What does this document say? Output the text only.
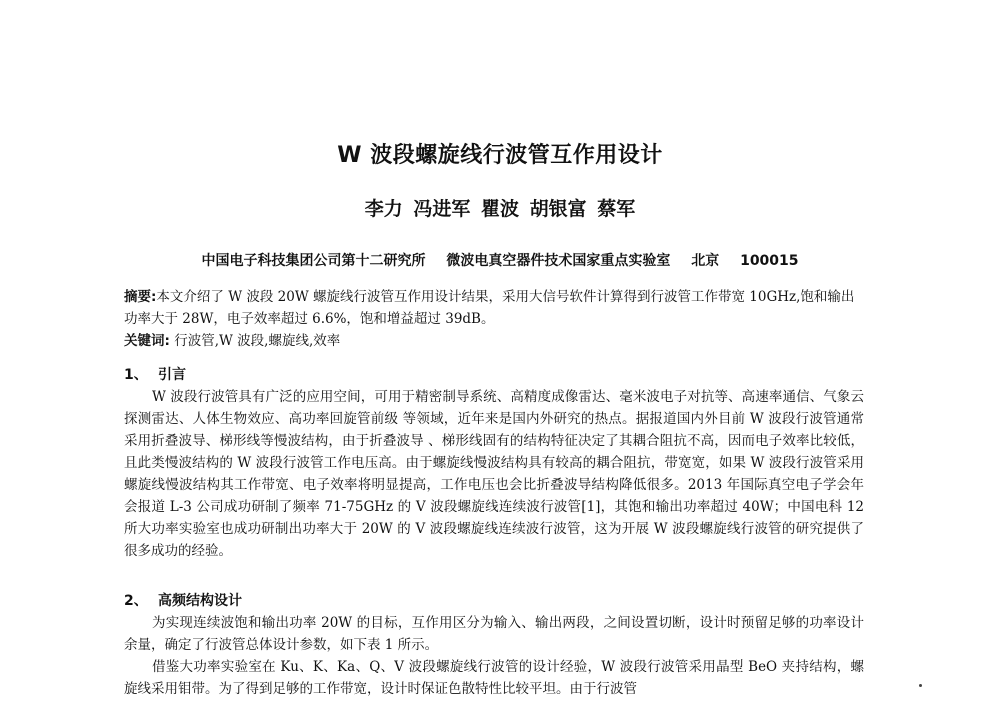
W 波段螺旋线行波管互作用设计
李力 冯进军 瞿波 胡银富 蔡军
中国电子科技集团公司第十二研究所 微波电真空器件技术国家重点实验室 北京 100015
摘要:本文介绍了 W 波段 20W 螺旋线行波管互作用设计结果，采用大信号软件计算得到行波管工作带宽 10GHz,饱和输出功率大于 28W，电子效率超过 6.6%，饱和增益超过 39dB。
关键词: 行波管,W 波段,螺旋线,效率
1、 引言

W 波段行波管具有广泛的应用空间，可用于精密制导系统、高精度成像雷达、毫米波电子对抗等、高速率通信、气象云探测雷达、人体生物效应、高功率回旋管前级 等领域，近年来是国内外研究的热点。据报道国内外目前 W 波段行波管通常采用折叠波导、梯形线等慢波结构，由于折叠波导 、梯形线固有的结构特征决定了其耦合阻抗不高，因而电子效率比较低，且此类慢波结构的 W 波段行波管工作电压高。由于螺旋线慢波结构具有较高的耦合阻抗，带宽宽，如果 W 波段行波管采用螺旋线慢波结构其工作带宽、电子效率将明显提高，工作电压也会比折叠波导结构降低很多。2013 年国际真空电子学会年会报道 L-3 公司成功研制了频率 71-75GHz 的 V 波段螺旋线连续波行波管[1]，其饱和输出功率超过 40W；中国电科 12 所大功率实验室也成功研制出功率大于 20W 的 V 波段螺旋线连续波行波管，这为开展 W 波段螺旋线行波管的研究提供了很多成功的经验。

2、 高频结构设计

为实现连续波饱和输出功率 20W 的目标，互作用区分为输入、输出两段，之间设置切断，设计时预留足够的功率设计余量，确定了行波管总体设计参数，如下表 1 所示。

借鉴大功率实验室在 Ku、K、Ka、Q、V 波段螺旋线行波管的设计经验，W 波段行波管采用晶型 BeO 夹持结构，螺旋线采用钼带。为了得到足够的工作带宽，设计时保证色散特性比较平坦。由于行波管
